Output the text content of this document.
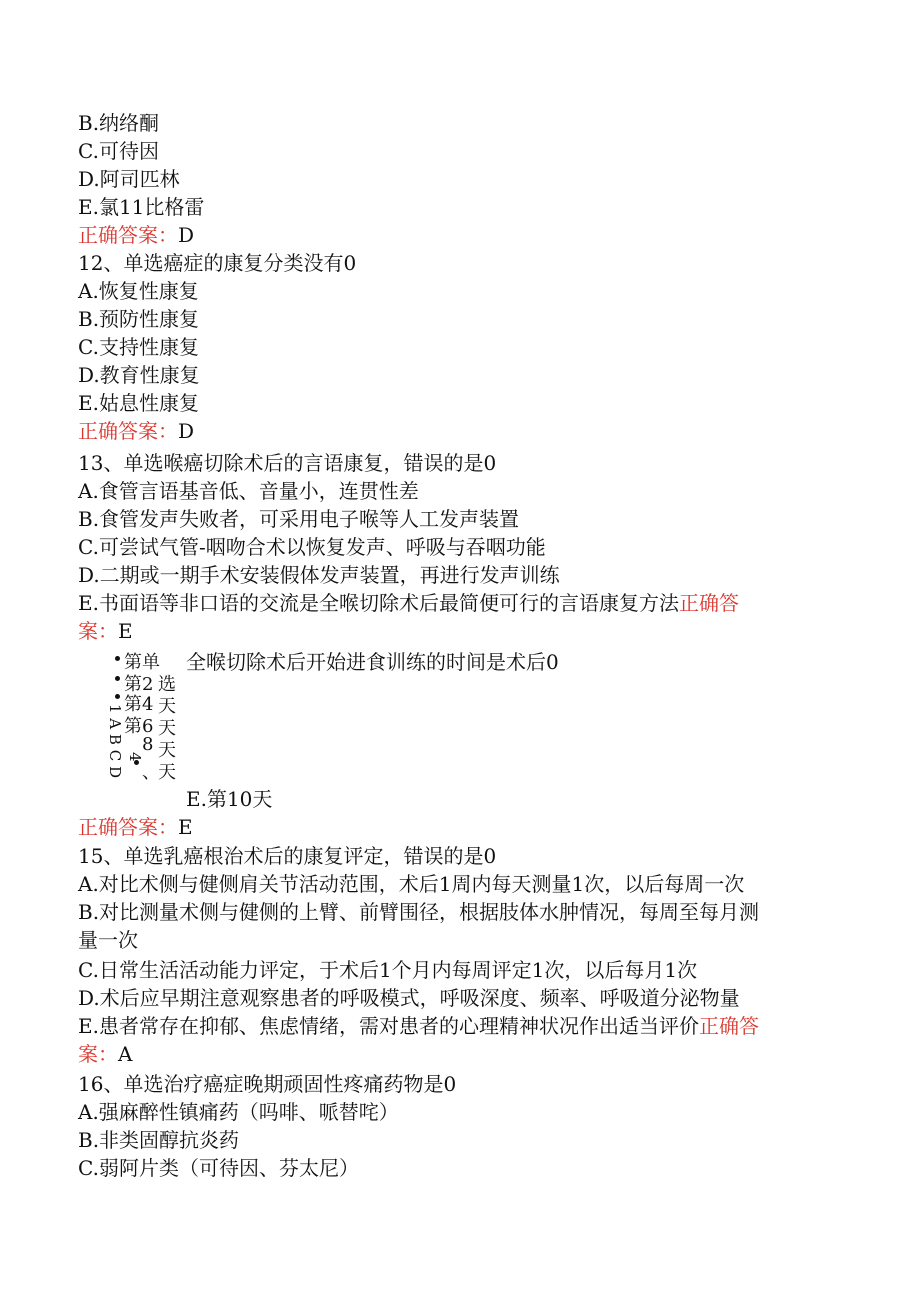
B.纳络酮
C.可待因
D.阿司匹林
E.氯11比格雷
正确答案：D
12、单选癌症的康复分类没有0
A.恢复性康复
B.预防性康复
C.支持性康复
D.教育性康复
E.姑息性康复
正确答案：D
13、单选喉癌切除术后的言语康复，错误的是0
A.食管言语基音低、音量小，连贯性差
B.食管发声失败者，可采用电子喉等人工发声装置
C.可尝试气管-咽吻合术以恢复发声、呼吸与吞咽功能
D.二期或一期手术安装假体发声装置，再进行发声训练
E.书面语等非口语的交流是全喉切除术后最简便可行的言语康复方法正确答
案：E
全喉切除术后开始进食训练的时间是术后0
第单
第2
第4
第6
8
选
天
天
天
天
、
1 A B C D 4
E.第10天
正确答案：E
15、单选乳癌根治术后的康复评定，错误的是0
A.对比术侧与健侧肩关节活动范围，术后1周内每天测量1次，以后每周一次
B.对比测量术侧与健侧的上臂、前臂围径，根据肢体水肿情况，每周至每月测
量一次
C.日常生活活动能力评定，于术后1个月内每周评定1次，以后每月1次
D.术后应早期注意观察患者的呼吸模式，呼吸深度、频率、呼吸道分泌物量
E.患者常存在抑郁、焦虑情绪，需对患者的心理精神状况作出适当评价正确答
案：A
16、单选治疗癌症晚期顽固性疼痛药物是0
A.强麻醉性镇痛药（吗啡、哌替咤）
B.非类固醇抗炎药
C.弱阿片类（可待因、芬太尼）
